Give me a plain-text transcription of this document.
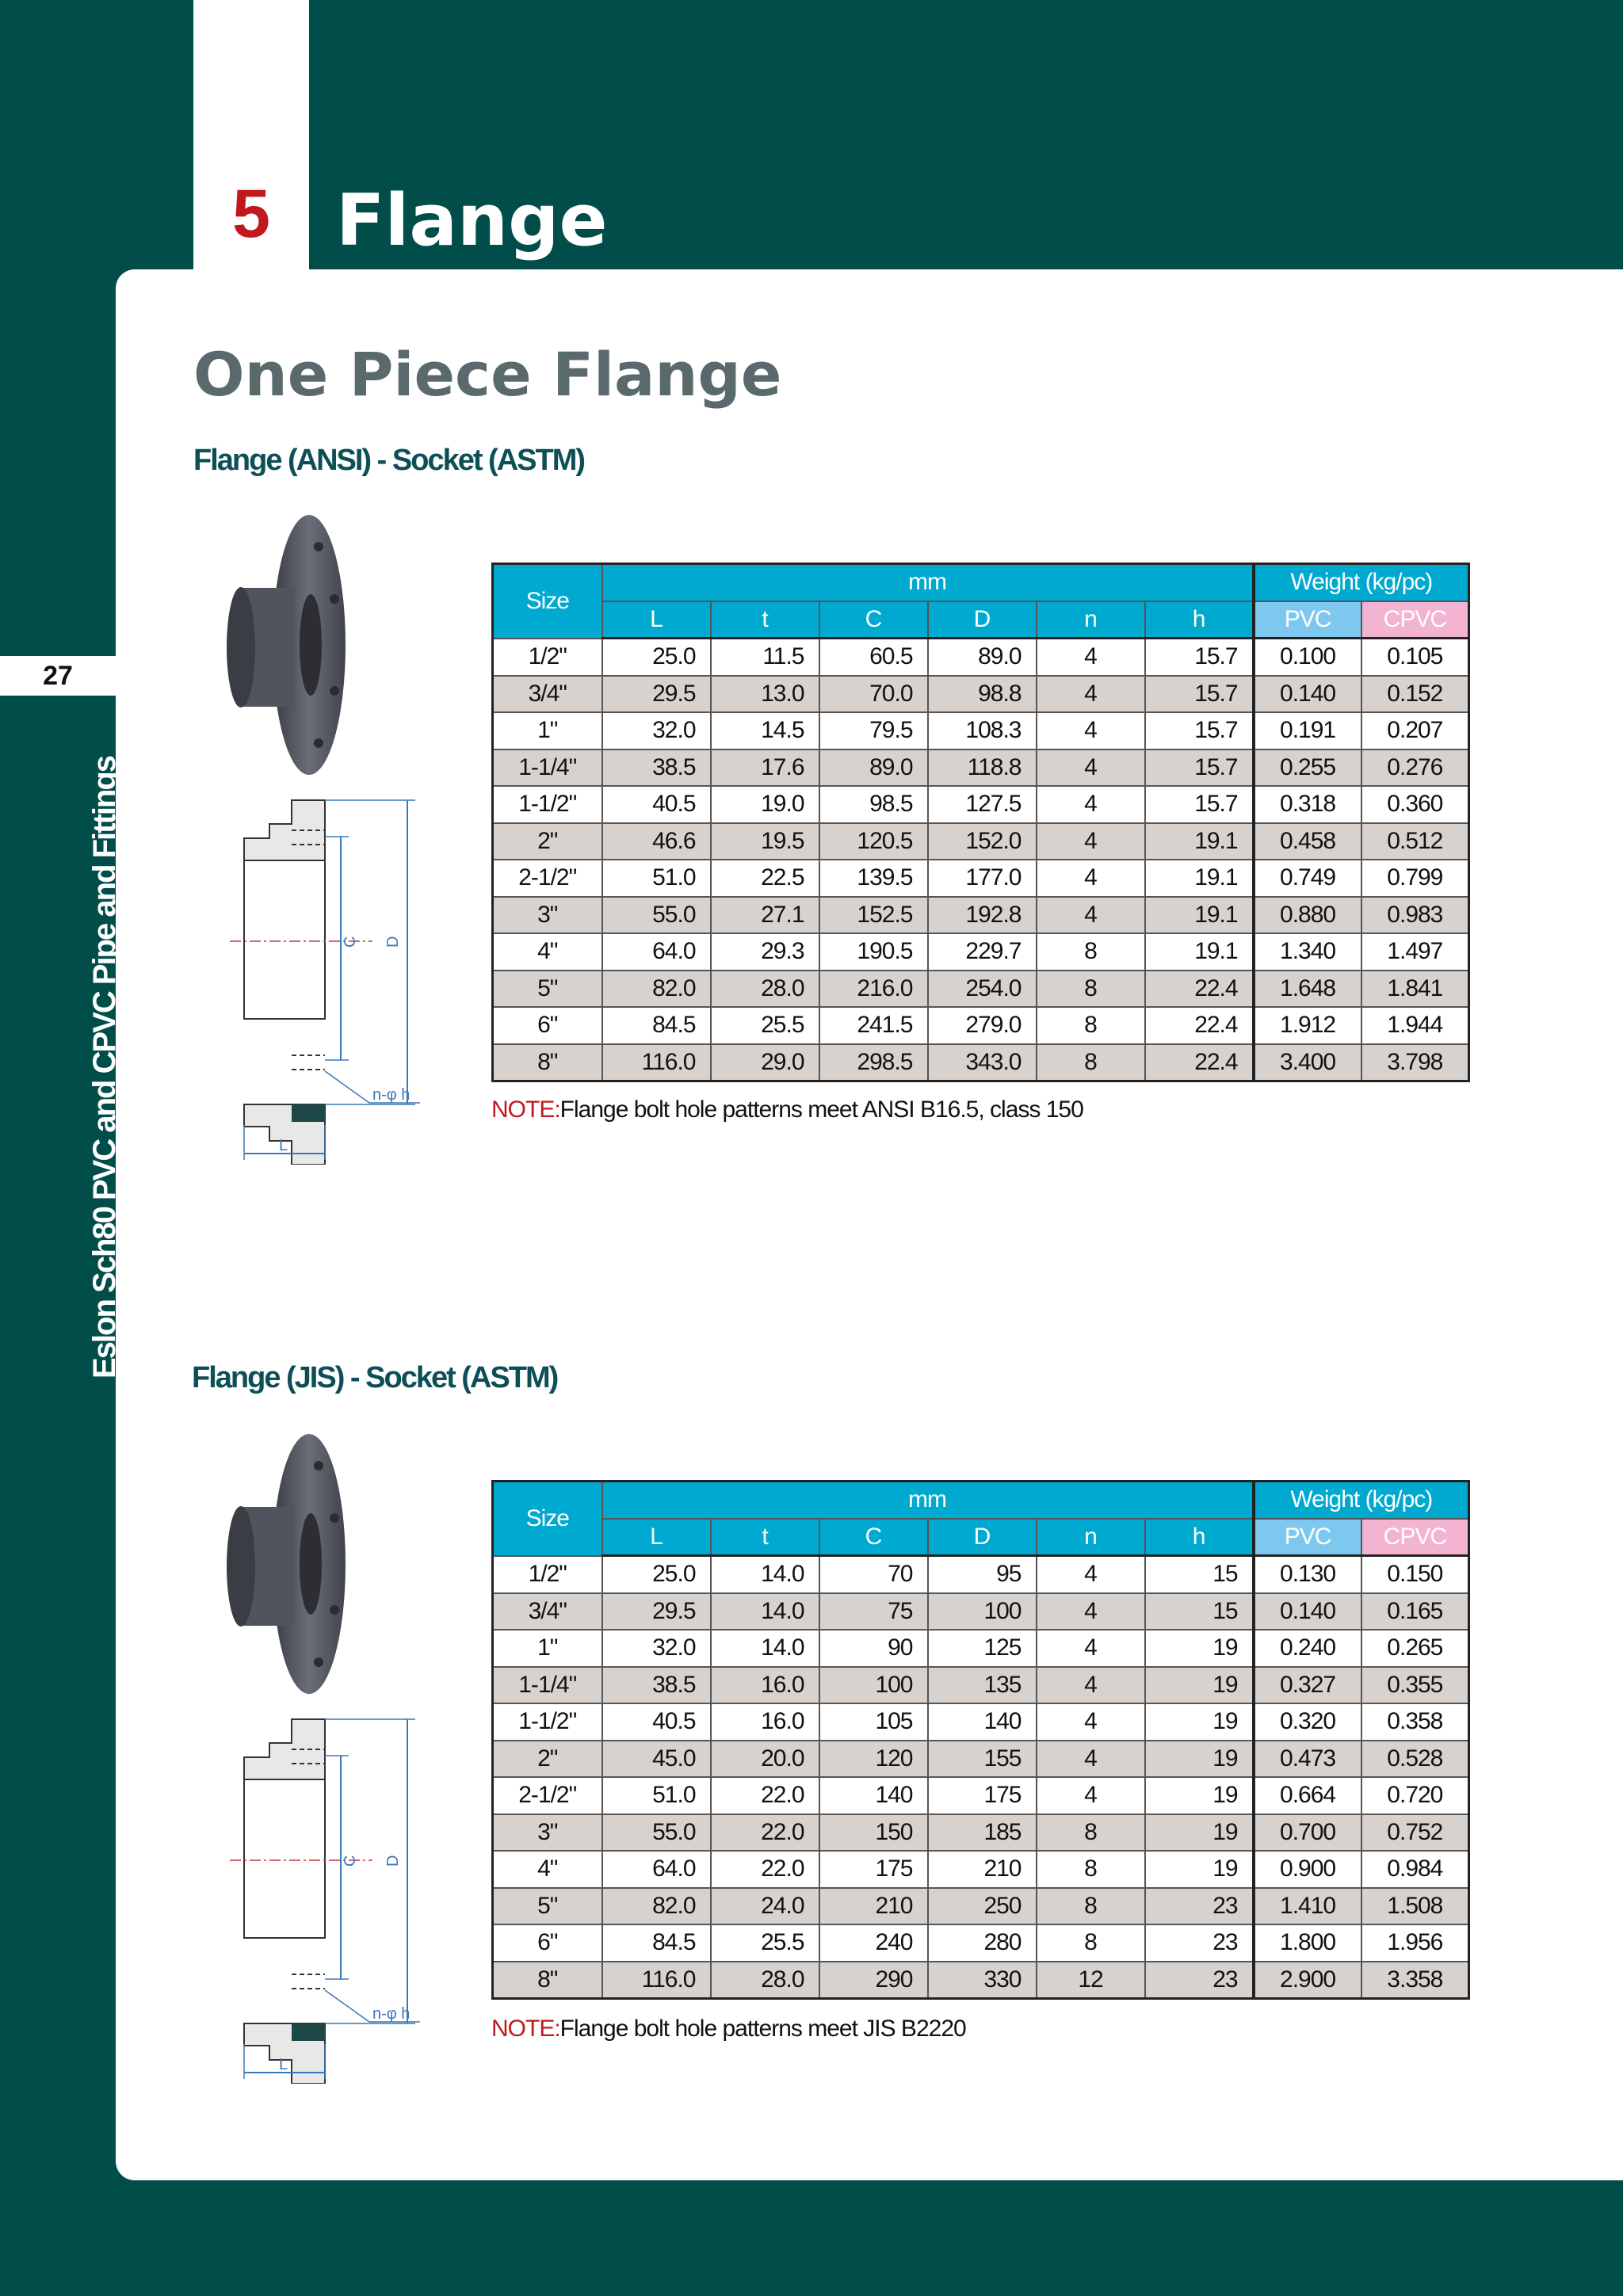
5 Flange
27
Eslon Sch80 PVC and CPVC Pipe and Fittings
One Piece Flange
Flange (ANSI) - Socket (ASTM)
C D
L
n-φ h
Size	mm						Weight (kg/pc)	
	L	t	C	D	n	h	PVC	CPVC
1/2"	25.0	11.5	60.5	89.0	4	15.7	0.100	0.105
3/4"	29.5	13.0	70.0	98.8	4	15.7	0.140	0.152
1"	32.0	14.5	79.5	108.3	4	15.7	0.191	0.207
1-1/4"	38.5	17.6	89.0	118.8	4	15.7	0.255	0.276
1-1/2"	40.5	19.0	98.5	127.5	4	15.7	0.318	0.360
2"	46.6	19.5	120.5	152.0	4	19.1	0.458	0.512
2-1/2"	51.0	22.5	139.5	177.0	4	19.1	0.749	0.799
3"	55.0	27.1	152.5	192.8	4	19.1	0.880	0.983
4"	64.0	29.3	190.5	229.7	8	19.1	1.340	1.497
5"	82.0	28.0	216.0	254.0	8	22.4	1.648	1.841
6"	84.5	25.5	241.5	279.0	8	22.4	1.912	1.944
8"	116.0	29.0	298.5	343.0	8	22.4	3.400	3.798
NOTE:Flange bolt hole patterns meet ANSI B16.5, class 150
Flange (JIS) - Socket (ASTM)
C D
L
n-φ h
Size	mm						Weight (kg/pc)	
	L	t	C	D	n	h	PVC	CPVC
1/2"	25.0	14.0	70	95	4	15	0.130	0.150
3/4"	29.5	14.0	75	100	4	15	0.140	0.165
1"	32.0	14.0	90	125	4	19	0.240	0.265
1-1/4"	38.5	16.0	100	135	4	19	0.327	0.355
1-1/2"	40.5	16.0	105	140	4	19	0.320	0.358
2"	45.0	20.0	120	155	4	19	0.473	0.528
2-1/2"	51.0	22.0	140	175	4	19	0.664	0.720
3"	55.0	22.0	150	185	8	19	0.700	0.752
4"	64.0	22.0	175	210	8	19	0.900	0.984
5"	82.0	24.0	210	250	8	23	1.410	1.508
6"	84.5	25.5	240	280	8	23	1.800	1.956
8"	116.0	28.0	290	330	12	23	2.900	3.358
NOTE:Flange bolt hole patterns meet JIS B2220
